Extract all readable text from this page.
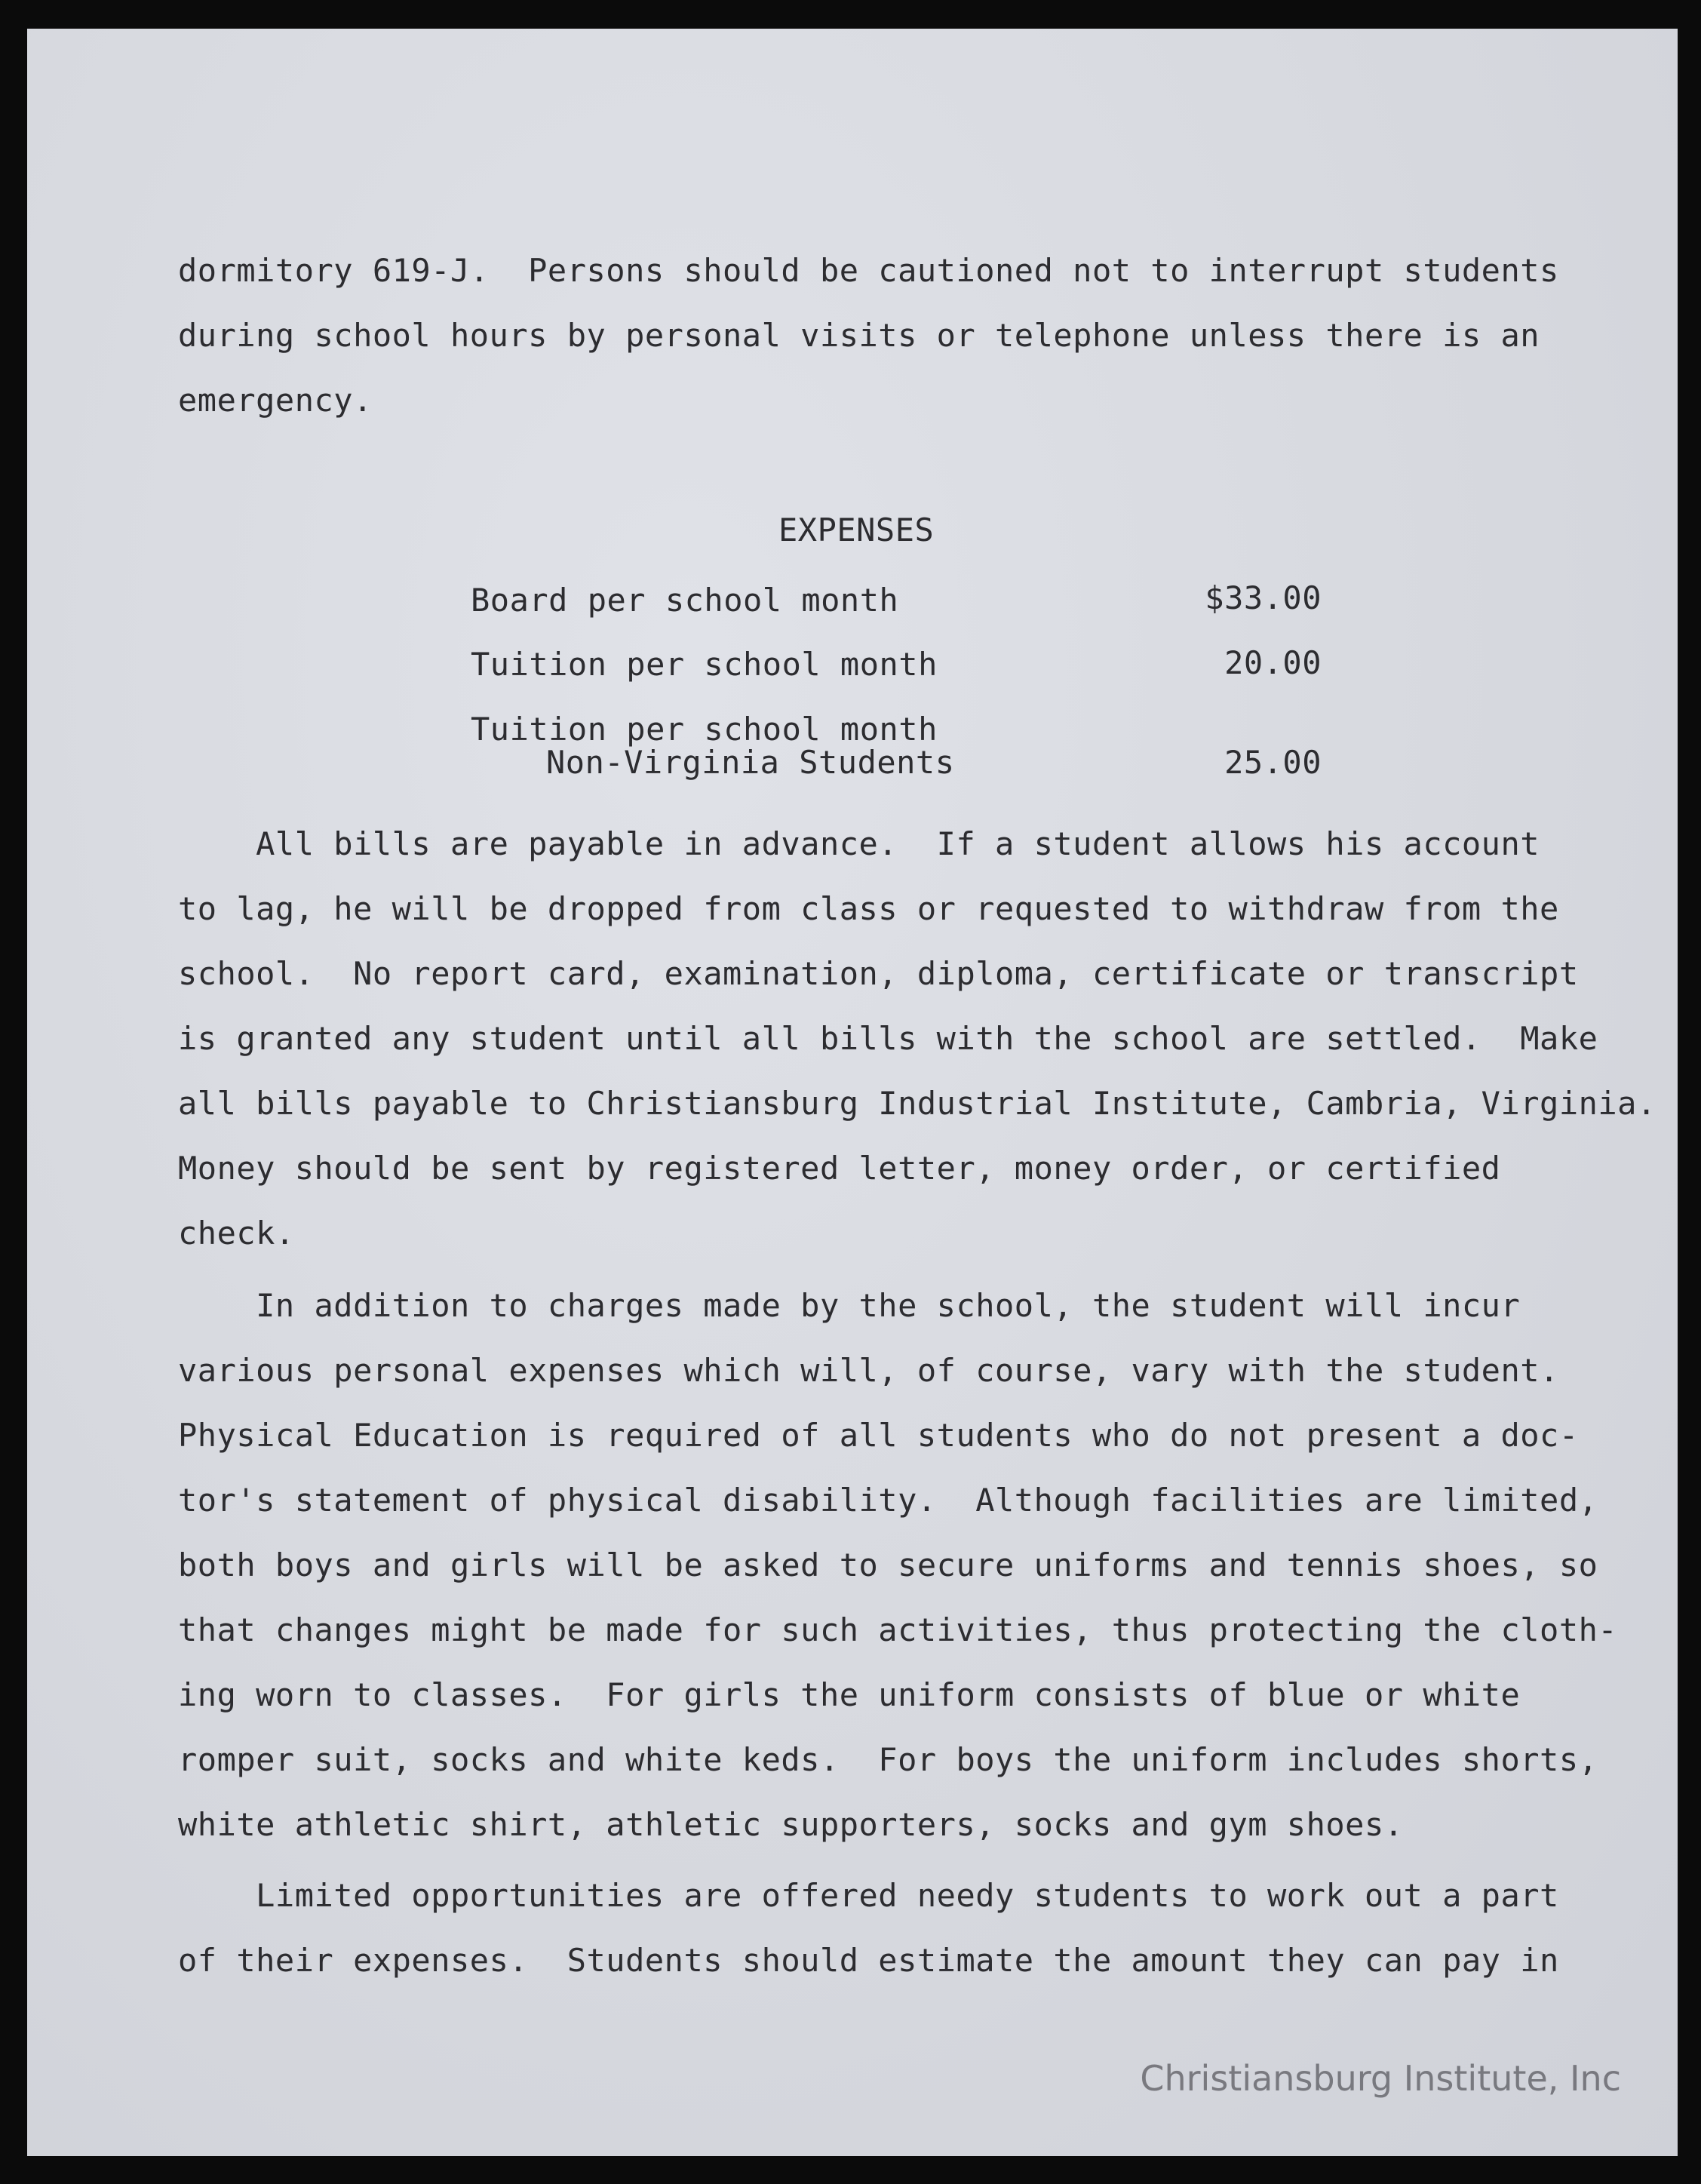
dormitory 619-J.  Persons should be cautioned not to interrupt students
during school hours by personal visits or telephone unless there is an
emergency.
EXPENSES
Board per school month	$33.00
Tuition per school month	20.00
Tuition per school month
Non-Virginia Students	25.00
All bills are payable in advance.  If a student allows his account
to lag, he will be dropped from class or requested to withdraw from the
school.  No report card, examination, diploma, certificate or transcript
is granted any student until all bills with the school are settled.  Make
all bills payable to Christiansburg Industrial Institute, Cambria, Virginia.
Money should be sent by registered letter, money order, or certified
check.
In addition to charges made by the school, the student will incur
various personal expenses which will, of course, vary with the student.
Physical Education is required of all students who do not present a doc-
tor's statement of physical disability.  Although facilities are limited,
both boys and girls will be asked to secure uniforms and tennis shoes, so
that changes might be made for such activities, thus protecting the cloth-
ing worn to classes.  For girls the uniform consists of blue or white
romper suit, socks and white keds.  For boys the uniform includes shorts,
white athletic shirt, athletic supporters, socks and gym shoes.
Limited opportunities are offered needy students to work out a part
of their expenses.  Students should estimate the amount they can pay in
Christiansburg Institute, Inc
